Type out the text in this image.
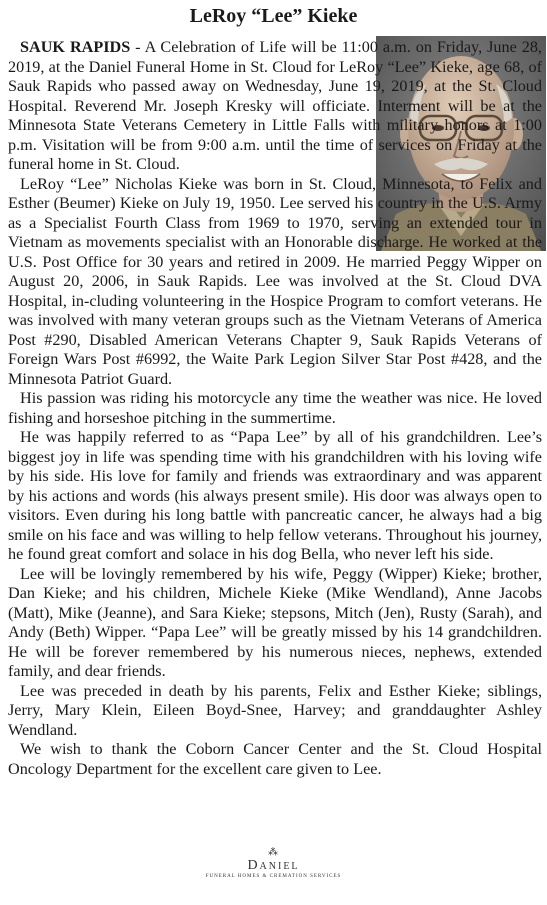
LeRoy “Lee” Kieke

SAUK RAPIDS - A Celebration of Life will be 11:00 a.m. on Friday, June 28, 2019, at the Daniel Funeral Home in St. Cloud for LeRoy “Lee” Kieke, age 68, of Sauk Rapids who passed away on Wednesday, June 19, 2019, at the St. Cloud Hospital. Reverend Mr. Joseph Kresky will officiate. Interment will be at the Minnesota State Veterans Cemetery in Little Falls with military honors at 1:00 p.m. Visitation will be from 9:00 a.m. until the time of services on Friday at the funeral home in St. Cloud.

LeRoy “Lee” Nicholas Kieke was born in St. Cloud, Minnesota, to Felix and Esther (Beumer) Kieke on July 19, 1950. Lee served his country in the U.S. Army as a Specialist Fourth Class from 1969 to 1970, serving an extended tour in Vietnam as movements specialist with an Honorable discharge. He worked at the U.S. Post Office for 30 years and retired in 2009. He married Peggy Wipper on August 20, 2006, in Sauk Rapids. Lee was involved at the St. Cloud DVA Hospital, in-cluding volunteering in the Hospice Program to comfort veterans. He was involved with many veteran groups such as the Vietnam Veterans of America Post #290, Disabled American Veterans Chapter 9, Sauk Rapids Veterans of Foreign Wars Post #6992, the Waite Park Legion Silver Star Post #428, and the Minnesota Patriot Guard.

His passion was riding his motorcycle any time the weather was nice. He loved fishing and horseshoe pitching in the summertime.

He was happily referred to as “Papa Lee” by all of his grandchildren. Lee’s biggest joy in life was spending time with his grandchildren with his loving wife by his side. His love for family and friends was extraordinary and was apparent by his actions and words (his always present smile). His door was always open to visitors. Even during his long battle with pancreatic cancer, he always had a big smile on his face and was willing to help fellow veterans. Throughout his journey, he found great comfort and solace in his dog Bella, who never left his side.

Lee will be lovingly remembered by his wife, Peggy (Wipper) Kieke; brother, Dan Kieke; and his children, Michele Kieke (Mike Wendland), Anne Jacobs (Matt), Mike (Jeanne), and Sara Kieke; stepsons, Mitch (Jen), Rusty (Sarah), and Andy (Beth) Wipper. “Papa Lee” will be greatly missed by his 14 grandchildren. He will be forever remembered by his numerous nieces, nephews, extended family, and dear friends.

Lee was preceded in death by his parents, Felix and Esther Kieke; siblings, Jerry, Mary Klein, Eileen Boyd-Snee, Harvey; and granddaughter Ashley Wendland.

We wish to thank the Coborn Cancer Center and the St. Cloud Hospital Oncology Department for the excellent care given to Lee.

⁂
Daniel
FUNERAL HOMES & CREMATION SERVICES
